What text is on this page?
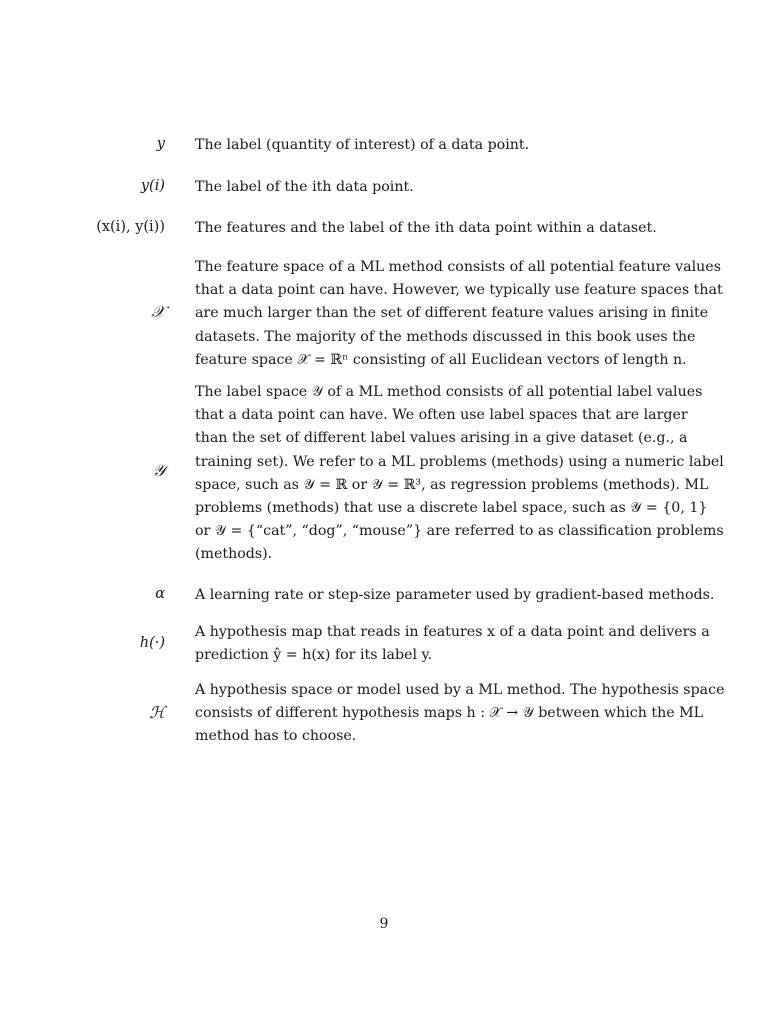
y The label (quantity of interest) of a data point.
y(i) The label of the ith data point.
(x(i), y(i)) The features and the label of the ith data point within a dataset.
𝒳
The feature space of a ML method consists of all potential feature values
that a data point can have. However, we typically use feature spaces that
are much larger than the set of different feature values arising in finite
datasets. The majority of the methods discussed in this book uses the
feature space 𝒳 = ℝⁿ consisting of all Euclidean vectors of length n.
𝒴
The label space 𝒴 of a ML method consists of all potential label values
that a data point can have. We often use label spaces that are larger
than the set of different label values arising in a give dataset (e.g., a
training set). We refer to a ML problems (methods) using a numeric label
space, such as 𝒴 = ℝ or 𝒴 = ℝ³, as regression problems (methods). ML
problems (methods) that use a discrete label space, such as 𝒴 = {0, 1}
or 𝒴 = {“cat”, “dog”, “mouse”} are referred to as classification problems
(methods).
α A learning rate or step-size parameter used by gradient-based methods.
h(·)
A hypothesis map that reads in features x of a data point and delivers a
prediction ŷ = h(x) for its label y.
ℋ
A hypothesis space or model used by a ML method. The hypothesis space
consists of different hypothesis maps h : 𝒳 → 𝒴 between which the ML
method has to choose.
9
